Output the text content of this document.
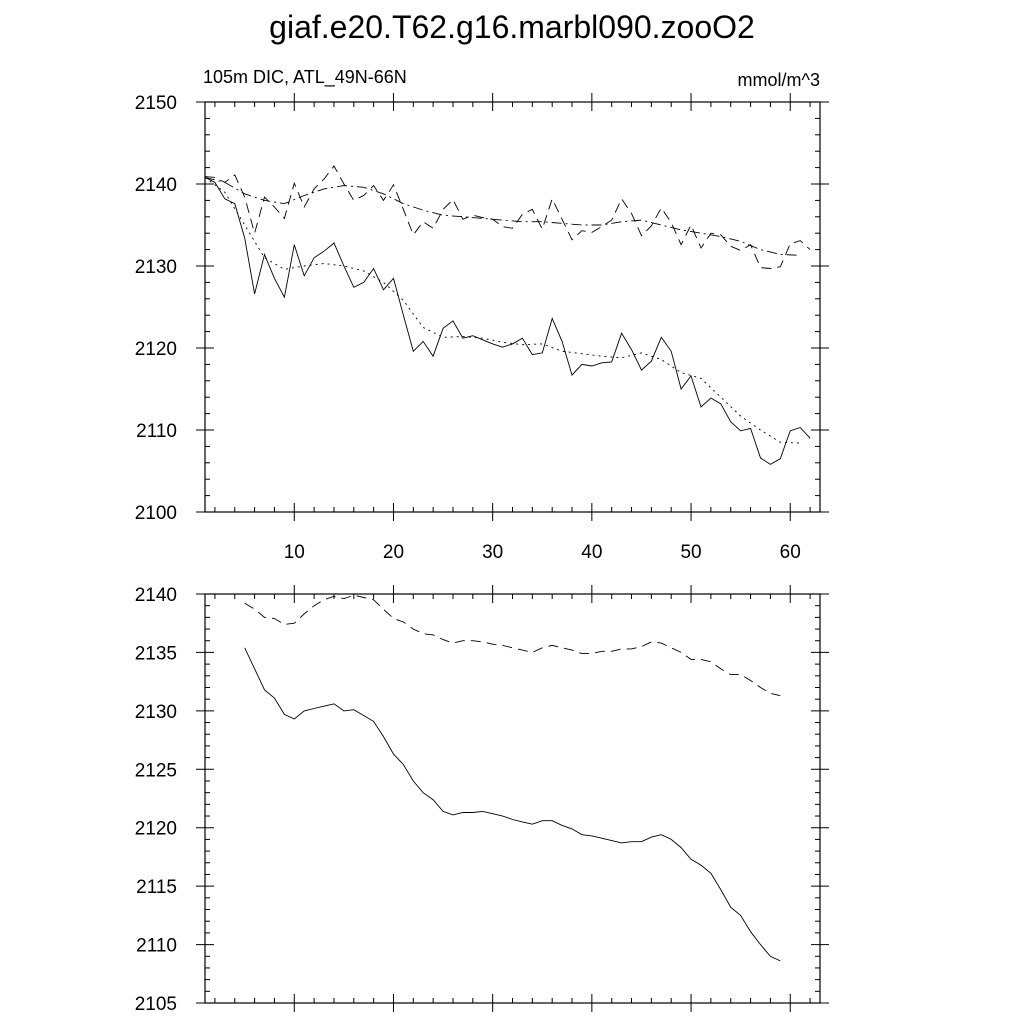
giaf.e20.T62.g16.marbl090.zooO2
105m DIC, ATL_49N-66N	mmol/m^3
10	20	30	40	50	60
2100
2110
2120
2130
2140
2150
2105
2110
2115
2120
2125
2130
2135
2140
